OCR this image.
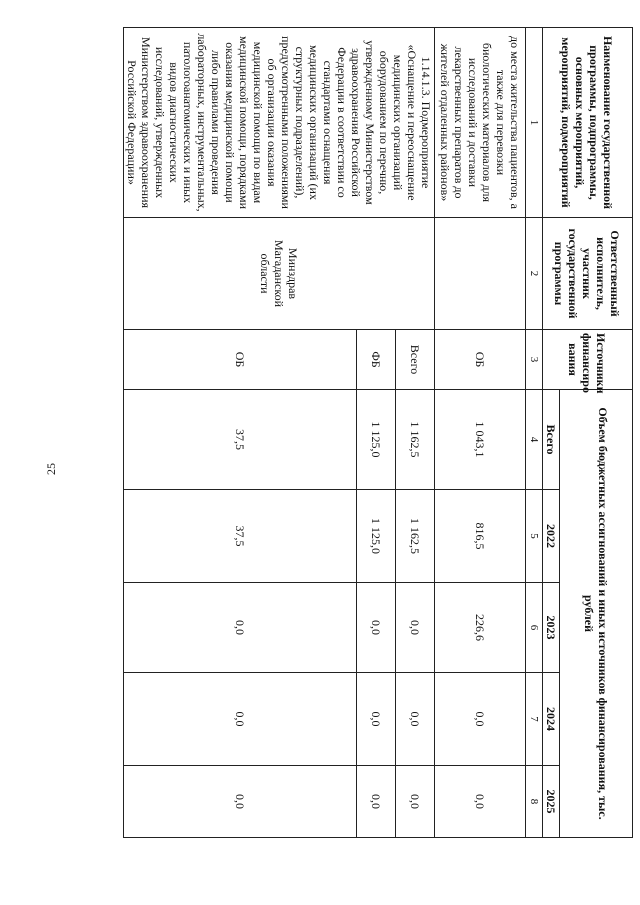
25
Наименование государственной программы, подпрограммы, основных мероприятий, мероприятий, подмероприятий	Ответственный исполнитель, участник государственной программы	Источники финансиро вания	Объем бюджетных ассигнований и иных источников финансирования, тыс. рублей				
			Всего	2022	2023	2024	2025
1	2	3	4	5	6	7	8
до места жительства пациентов, а также для перевозки биологических материалов для исследований и доставки лекарственных препаратов до жителей отдаленных районов»		ОБ	1 043,1	816,5	226,6	0,0	0,0
1.14.1.3. Подмероприятие «Оснащение и переоснащение медицинских организаций оборудованием по перечню, утвержденному Министерством здравоохранения Российской Федерации в соответствии со стандартами оснащения медицинских организаций (их структурных подразделений), предусмотренными положениями об организации оказания медицинской помощи по видам медицинской помощи, порядками оказания медицинской помощи либо правилами проведения лабораторных, инструментальных, патологоанатомических и иных видов диагностических исследований, утвержденных Министерством здравоохранения Российской Федерации»	Минздрав Магаданской области	Всего	1 162,5	1 162,5	0,0	0,0	0,0
		ФБ	1 125,0	1 125,0	0,0	0,0	0,0
		ОБ	37,5	37,5	0,0	0,0	0,0
